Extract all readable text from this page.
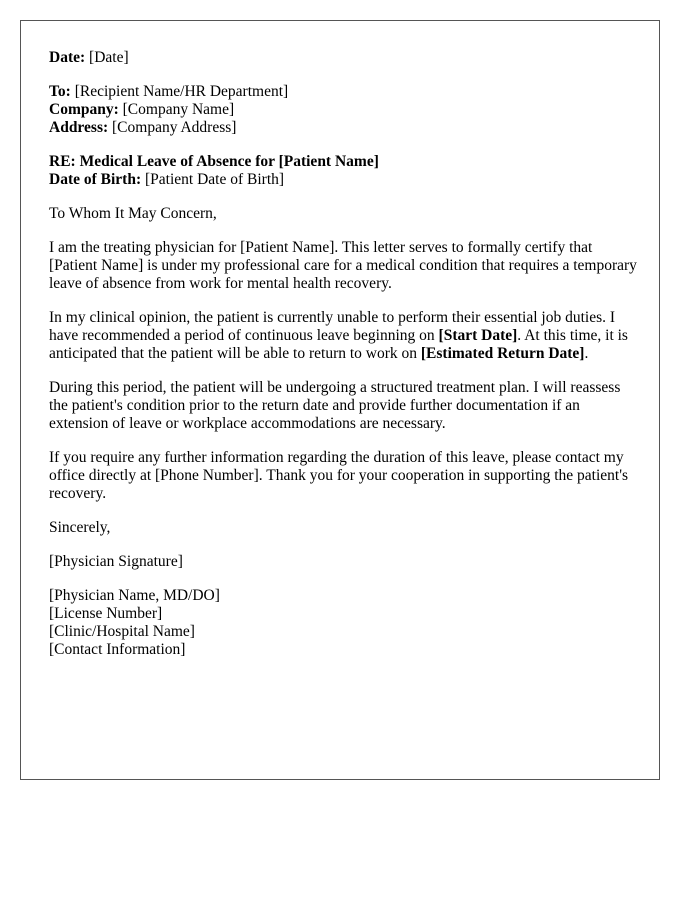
Date: [Date]
To: [Recipient Name/HR Department]
Company: [Company Name]
Address: [Company Address]
RE: Medical Leave of Absence for [Patient Name]
Date of Birth: [Patient Date of Birth]

To Whom It May Concern,

I am the treating physician for [Patient Name]. This letter serves to formally certify that [Patient Name] is under my professional care for a medical condition that requires a temporary leave of absence from work for mental health recovery.

In my clinical opinion, the patient is currently unable to perform their essential job duties. I have recommended a period of continuous leave beginning on [Start Date]. At this time, it is anticipated that the patient will be able to return to work on [Estimated Return Date].

During this period, the patient will be undergoing a structured treatment plan. I will reassess the patient's condition prior to the return date and provide further documentation if an extension of leave or workplace accommodations are necessary.

If you require any further information regarding the duration of this leave, please contact my office directly at [Phone Number]. Thank you for your cooperation in supporting the patient's recovery.

Sincerely,

[Physician Signature]

[Physician Name, MD/DO]
[License Number]
[Clinic/Hospital Name]
[Contact Information]
